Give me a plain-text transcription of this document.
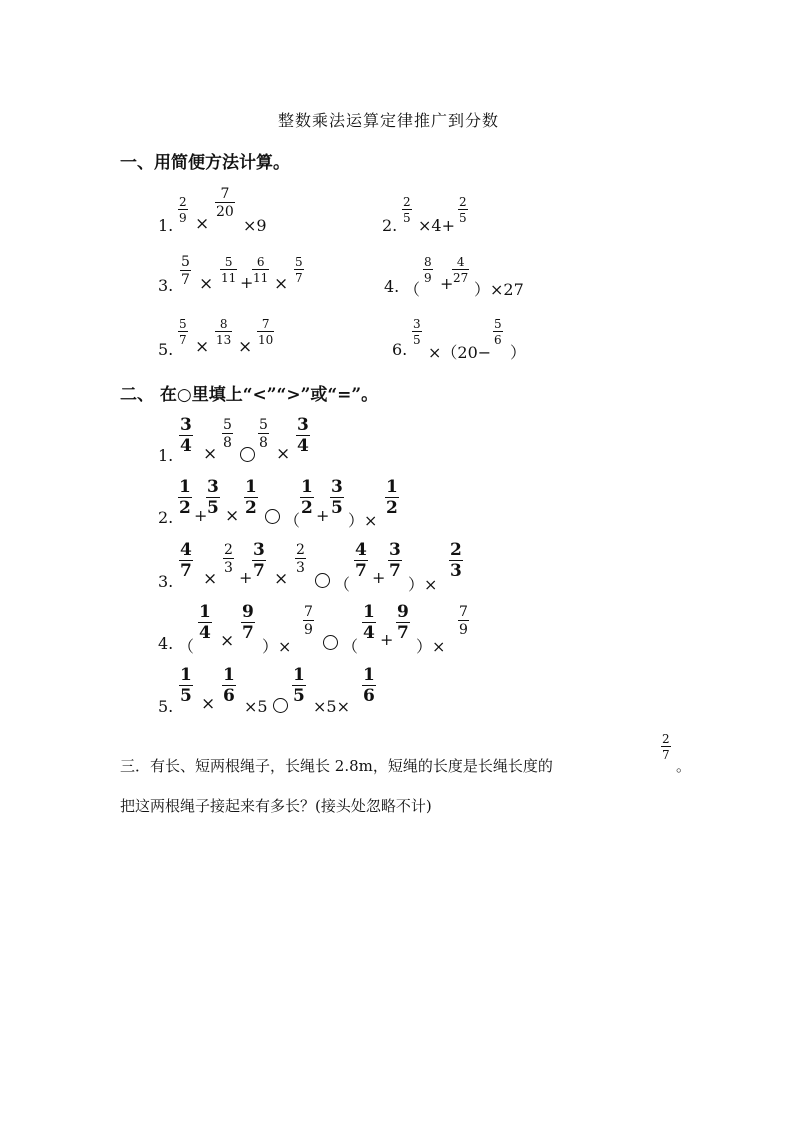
整数乘法运算定律推广到分数
一、用简便方法计算。
1.
$\frac{2}{9}$ ×
$\frac{7}{20}$
×9	2.
$\frac{2}{5}$
×4+
$\frac{2}{5}$
3. $\frac{5}{7} \times \frac{5}{11}$ +
$\frac{6}{11} \times \frac{5}{7}$
4. （
$\frac{8}{9}$ +
$\frac{4}{27}$
）×27
5.
$\frac{5}{7}$
×
$\frac{8}{13}$
×
$\frac{7}{10}$
6.
$\frac{3}{5}$
×（20−
$\frac{5}{6}$
）
二、 在○里填上“<”“>”或“=”。
1.
$\frac{3}{4}$ ×
$\frac{5}{8} \frac{5}{8}$
× $\frac{3}{4}$
2.
$\frac{1}{2}$ +
$\frac{3}{5} \times \frac{1}{2}$
（
$\frac{1}{2} + \frac{3}{5}$
）×
$\frac{1}{2}$
3.
$\frac{4}{7}$ ×
$\frac{2}{3}$
+ $\frac{3}{7}$ ×
$\frac{2}{3}$
（
$\frac{4}{7} + \frac{3}{7}$
）×
$\frac{2}{3}$
4. （
$\frac{1}{4} \times \frac{9}{7}$
）×
$\frac{7}{9}$
（
$\frac{1}{4} + \frac{9}{7}$
）×
$\frac{7}{9}$
5.
$\frac{1}{5} \times \frac{1}{6}$
×5
$\frac{1}{5}$
×5×
$\frac{1}{6}$
三．有长、短两根绳子，长绳长 2.8m，短绳的长度是长绳长度的
$\frac{2}{7}$
。
把这两根绳子接起来有多长？(接头处忽略不计)
